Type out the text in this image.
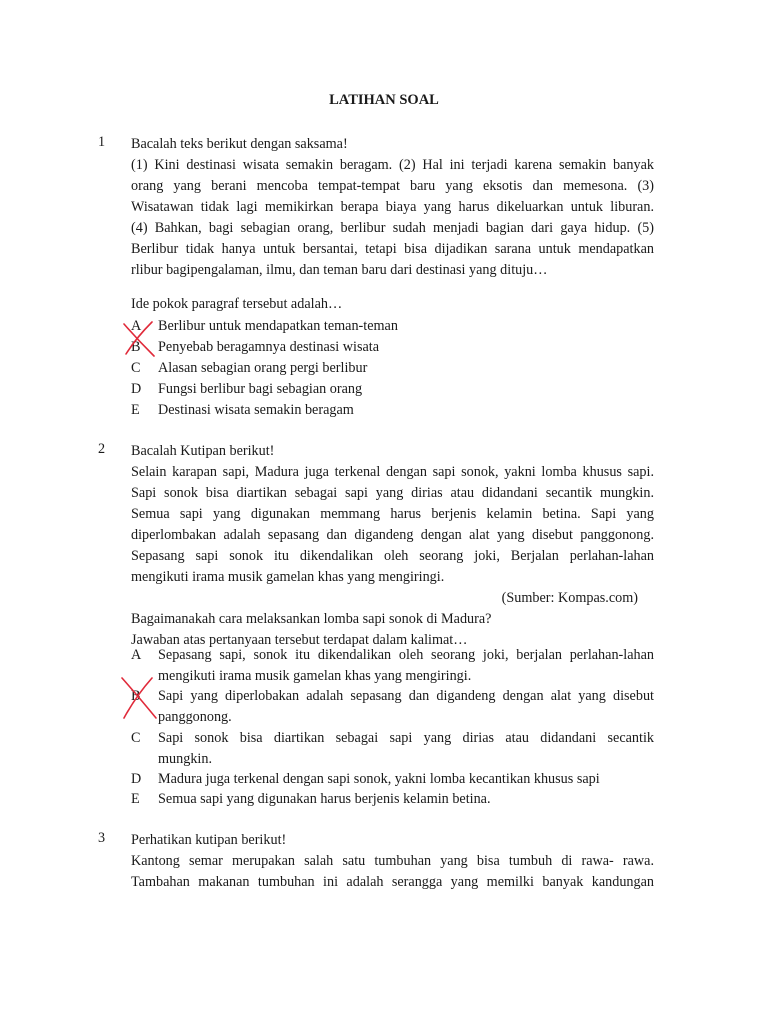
LATIHAN SOAL
1 Bacalah teks berikut dengan saksama!
(1) Kini destinasi wisata semakin beragam. (2) Hal ini terjadi karena semakin banyak
orang yang berani mencoba tempat-tempat baru yang eksotis dan memesona. (3)
Wisatawan tidak lagi memikirkan berapa biaya yang harus dikeluarkan untuk liburan.
(4) Bahkan, bagi sebagian orang, berlibur sudah menjadi bagian dari gaya hidup. (5)
Berlibur tidak hanya untuk bersantai, tetapi bisa dijadikan sarana untuk mendapatkan
rlibur bagipengalaman, ilmu, dan teman baru dari destinasi yang dituju…
Ide pokok paragraf tersebut adalah…
A Berlibur untuk mendapatkan teman-teman
B Penyebab beragamnya destinasi wisata
C Alasan sebagian orang pergi berlibur
D Fungsi berlibur bagi sebagian orang
E Destinasi wisata semakin beragam
2 Bacalah Kutipan berikut!
Selain karapan sapi, Madura juga terkenal dengan sapi sonok, yakni lomba khusus sapi.
Sapi sonok bisa diartikan sebagai sapi yang dirias atau didandani secantik mungkin.
Semua sapi yang digunakan memmang harus berjenis kelamin betina. Sapi yang
diperlombakan adalah sepasang dan digandeng dengan alat yang disebut panggonong.
Sepasang sapi sonok itu dikendalikan oleh seorang joki, Berjalan perlahan-lahan
mengikuti irama musik gamelan khas yang mengiringi.
(Sumber: Kompas.com)
Bagaimanakah cara melaksankan lomba sapi sonok di Madura?
Jawaban atas pertanyaan tersebut terdapat dalam kalimat…
A Sepasang sapi, sonok itu dikendalikan oleh seorang joki, berjalan perlahan-lahan
mengikuti irama musik gamelan khas yang mengiringi.
B Sapi yang diperlobakan adalah sepasang dan digandeng dengan alat yang disebut
panggonong.
C Sapi sonok bisa diartikan sebagai sapi yang dirias atau didandani secantik
mungkin.
D Madura juga terkenal dengan sapi sonok, yakni lomba kecantikan khusus sapi
E Semua sapi yang digunakan harus berjenis kelamin betina.
3 Perhatikan kutipan berikut!
Kantong semar merupakan salah satu tumbuhan yang bisa tumbuh di rawa- rawa.
Tambahan makanan tumbuhan ini adalah serangga yang memilki banyak kandungan
